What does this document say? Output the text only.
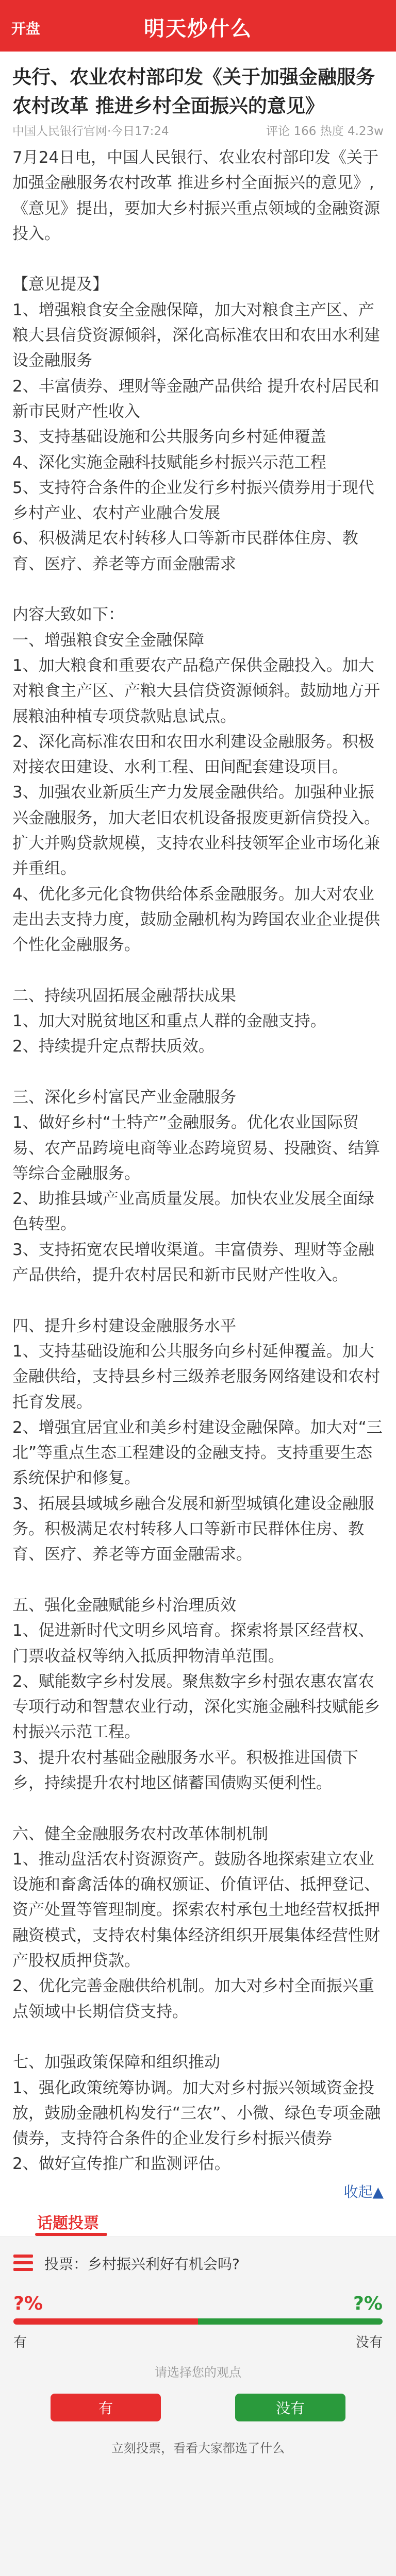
开盘	明天炒什么
央行、农业农村部印发《关于加强金融服务农村改革 推进乡村全面振兴的意见》
中国人民银行官网·今日17:24	评论 166 热度 4.23w

7月24日电，中国人民银行、农业农村部印发《关于加强金融服务农村改革 推进乡村全面振兴的意见》,《意见》提出，要加大乡村振兴重点领域的金融资源投入。

【意见提及】

1、增强粮食安全金融保障，加大对粮食主产区、产粮大县信贷资源倾斜，深化高标准农田和农田水利建设金融服务

2、丰富债券、理财等金融产品供给 提升农村居民和新市民财产性收入

3、支持基础设施和公共服务向乡村延伸覆盖

4、深化实施金融科技赋能乡村振兴示范工程

5、支持符合条件的企业发行乡村振兴债券用于现代乡村产业、农村产业融合发展

6、积极满足农村转移人口等新市民群体住房、教育、医疗、养老等方面金融需求

内容大致如下：

一、增强粮食安全金融保障

1、加大粮食和重要农产品稳产保供金融投入。加大对粮食主产区、产粮大县信贷资源倾斜。鼓励地方开展粮油种植专项贷款贴息试点。

2、深化高标准农田和农田水利建设金融服务。积极对接农田建设、水利工程、田间配套建设项目。

3、加强农业新质生产力发展金融供给。加强种业振兴金融服务，加大老旧农机设备报废更新信贷投入。扩大并购贷款规模，支持农业科技领军企业市场化兼并重组。

4、优化多元化食物供给体系金融服务。加大对农业走出去支持力度，鼓励金融机构为跨国农业企业提供个性化金融服务。

二、持续巩固拓展金融帮扶成果

1、加大对脱贫地区和重点人群的金融支持。

2、持续提升定点帮扶质效。

三、深化乡村富民产业金融服务

1、做好乡村“土特产”金融服务。优化农业国际贸易、农产品跨境电商等业态跨境贸易、投融资、结算等综合金融服务。

2、助推县域产业高质量发展。加快农业发展全面绿色转型。

3、支持拓宽农民增收渠道。丰富债券、理财等金融产品供给，提升农村居民和新市民财产性收入。

四、提升乡村建设金融服务水平

1、支持基础设施和公共服务向乡村延伸覆盖。加大金融供给，支持县乡村三级养老服务网络建设和农村托育发展。

2、增强宜居宜业和美乡村建设金融保障。加大对“三北”等重点生态工程建设的金融支持。支持重要生态系统保护和修复。

3、拓展县域城乡融合发展和新型城镇化建设金融服务。积极满足农村转移人口等新市民群体住房、教育、医疗、养老等方面金融需求。

五、强化金融赋能乡村治理质效

1、促进新时代文明乡风培育。探索将景区经营权、门票收益权等纳入抵质押物清单范围。

2、赋能数字乡村发展。聚焦数字乡村强农惠农富农专项行动和智慧农业行动，深化实施金融科技赋能乡村振兴示范工程。

3、提升农村基础金融服务水平。积极推进国债下乡，持续提升农村地区储蓄国债购买便利性。

六、健全金融服务农村改革体制机制

1、推动盘活农村资源资产。鼓励各地探索建立农业设施和畜禽活体的确权颁证、价值评估、抵押登记、资产处置等管理制度。探索农村承包土地经营权抵押融资模式，支持农村集体经济组织开展集体经营性财产股权质押贷款。

2、优化完善金融供给机制。加大对乡村全面振兴重点领域中长期信贷支持。

七、加强政策保障和组织推动

1、强化政策统筹协调。加大对乡村振兴领域资金投放，鼓励金融机构发行“三农”、小微、绿色专项金融债券，支持符合条件的企业发行乡村振兴债券

2、做好宣传推广和监测评估。

收起▲
话题投票
投票：乡村振兴利好有机会吗?
?%	?%
有	没有
请选择您的观点
有	没有
立刻投票，看看大家都选了什么
